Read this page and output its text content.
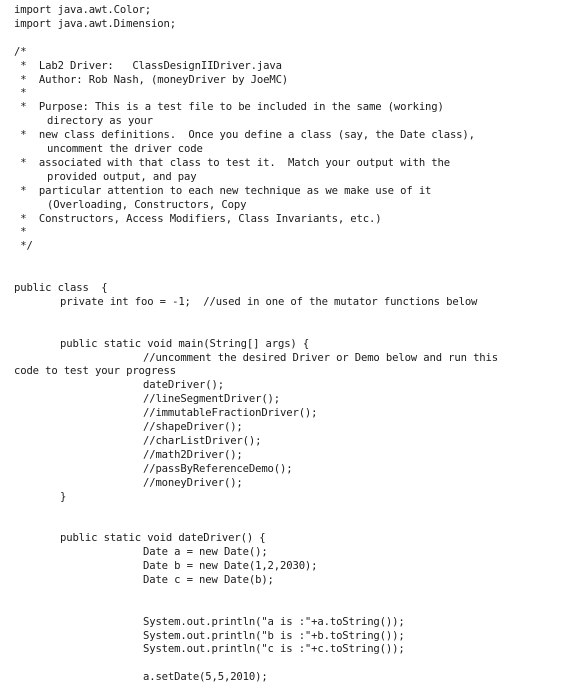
import java.awt.Color;
import java.awt.Dimension;
/*
*  Lab2 Driver:   ClassDesignIIDriver.java
*  Author: Rob Nash, (moneyDriver by JoeMC)
*
*  Purpose: This is a test file to be included in the same (working)
directory as your
*  new class definitions.  Once you define a class (say, the Date class),
uncomment the driver code
*  associated with that class to test it.  Match your output with the
provided output, and pay
*  particular attention to each new technique as we make use of it
(Overloading, Constructors, Copy
*  Constructors, Access Modifiers, Class Invariants, etc.)
*
*/
public class  {
private int foo = -1;  //used in one of the mutator functions below
public static void main(String[] args) {
//uncomment the desired Driver or Demo below and run this
code to test your progress
dateDriver();
//lineSegmentDriver();
//immutableFractionDriver();
//shapeDriver();
//charListDriver();
//math2Driver();
//passByReferenceDemo();
//moneyDriver();
}
public static void dateDriver() {
Date a = new Date();
Date b = new Date(1,2,2030);
Date c = new Date(b);
System.out.println("a is :"+a.toString());
System.out.println("b is :"+b.toString());
System.out.println("c is :"+c.toString());
a.setDate(5,5,2010);
